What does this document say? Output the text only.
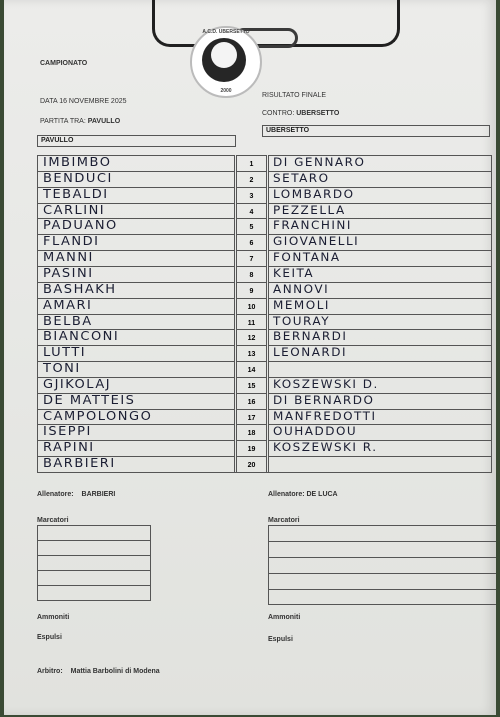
A.C.D. UBERSETTO
2000
CAMPIONATO
DATA 16 NOVEMBRE 2025
RISULTATO FINALE
PARTITA TRA: PAVULLO
CONTRO: UBERSETTO
PAVULLO
UBERSETTO
IMBIMBO	1	DI GENNARO
BENDUCI	2	SETARO
TEBALDI	3	LOMBARDO
CARLINI	4	PEZZELLA
PADUANO	5	FRANCHINI
FLANDI	6	GIOVANELLI
MANNI	7	FONTANA
PASINI	8	KEITA
BASHAKH	9	ANNOVI
AMARI	10	MEMOLI
BELBA	11	TOURAY
BIANCONI	12	BERNARDI
LUTTI	13	LEONARDI
TONI	14
GJIKOLAJ	15	KOSZEWSKI D.
DE MATTEIS	16	DI BERNARDO
CAMPOLONGO	17	MANFREDOTTI
ISEPPI	18	OUHADDOU
RAPINI	19	KOSZEWSKI R.
BARBIERI	20
Allenatore: BARBIERI	Allenatore: DE LUCA
Marcatori	Marcatori
Ammoniti	Ammoniti
Espulsi	Espulsi
Arbitro: Mattia Barbolini di Modena
